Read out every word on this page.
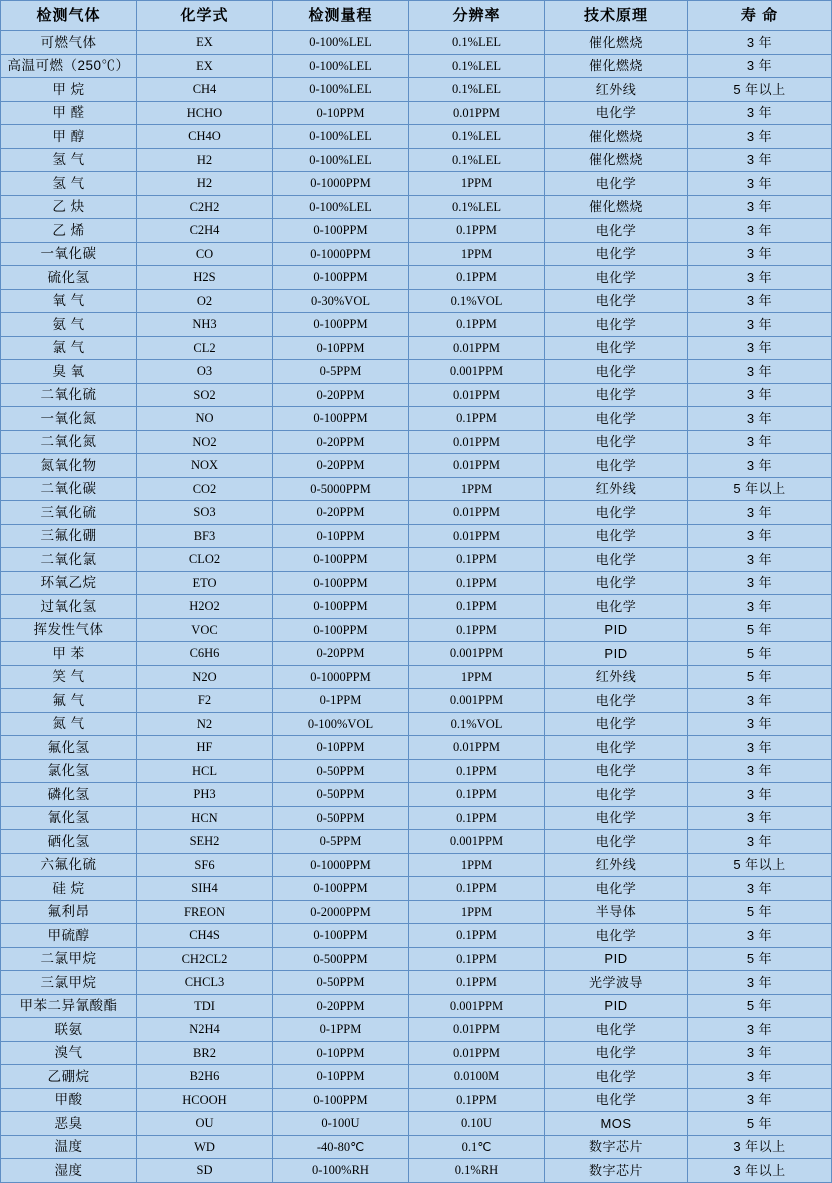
检测气体	化学式	检测量程	分辨率	技术原理	寿 命
可燃气体	EX	0-100%LEL	0.1%LEL	催化燃烧	3 年
高温可燃（250℃）	EX	0-100%LEL	0.1%LEL	催化燃烧	3 年
甲 烷	CH4	0-100%LEL	0.1%LEL	红外线	5 年以上
甲 醛	HCHO	0-10PPM	0.01PPM	电化学	3 年
甲 醇	CH4O	0-100%LEL	0.1%LEL	催化燃烧	3 年
氢 气	H2	0-100%LEL	0.1%LEL	催化燃烧	3 年
氢 气	H2	0-1000PPM	1PPM	电化学	3 年
乙 炔	C2H2	0-100%LEL	0.1%LEL	催化燃烧	3 年
乙 烯	C2H4	0-100PPM	0.1PPM	电化学	3 年
一氧化碳	CO	0-1000PPM	1PPM	电化学	3 年
硫化氢	H2S	0-100PPM	0.1PPM	电化学	3 年
氧 气	O2	0-30%VOL	0.1%VOL	电化学	3 年
氨 气	NH3	0-100PPM	0.1PPM	电化学	3 年
氯 气	CL2	0-10PPM	0.01PPM	电化学	3 年
臭 氧	O3	0-5PPM	0.001PPM	电化学	3 年
二氧化硫	SO2	0-20PPM	0.01PPM	电化学	3 年
一氧化氮	NO	0-100PPM	0.1PPM	电化学	3 年
二氧化氮	NO2	0-20PPM	0.01PPM	电化学	3 年
氮氧化物	NOX	0-20PPM	0.01PPM	电化学	3 年
二氧化碳	CO2	0-5000PPM	1PPM	红外线	5 年以上
三氧化硫	SO3	0-20PPM	0.01PPM	电化学	3 年
三氟化硼	BF3	0-10PPM	0.01PPM	电化学	3 年
二氧化氯	CLO2	0-100PPM	0.1PPM	电化学	3 年
环氧乙烷	ETO	0-100PPM	0.1PPM	电化学	3 年
过氧化氢	H2O2	0-100PPM	0.1PPM	电化学	3 年
挥发性气体	VOC	0-100PPM	0.1PPM	PID	5 年
甲 苯	C6H6	0-20PPM	0.001PPM	PID	5 年
笑 气	N2O	0-1000PPM	1PPM	红外线	5 年
氟 气	F2	0-1PPM	0.001PPM	电化学	3 年
氮 气	N2	0-100%VOL	0.1%VOL	电化学	3 年
氟化氢	HF	0-10PPM	0.01PPM	电化学	3 年
氯化氢	HCL	0-50PPM	0.1PPM	电化学	3 年
磷化氢	PH3	0-50PPM	0.1PPM	电化学	3 年
氰化氢	HCN	0-50PPM	0.1PPM	电化学	3 年
硒化氢	SEH2	0-5PPM	0.001PPM	电化学	3 年
六氟化硫	SF6	0-1000PPM	1PPM	红外线	5 年以上
硅 烷	SIH4	0-100PPM	0.1PPM	电化学	3 年
氟利昂	FREON	0-2000PPM	1PPM	半导体	5 年
甲硫醇	CH4S	0-100PPM	0.1PPM	电化学	3 年
二氯甲烷	CH2CL2	0-500PPM	0.1PPM	PID	5 年
三氯甲烷	CHCL3	0-50PPM	0.1PPM	光学波导	3 年
甲苯二异氰酸酯	TDI	0-20PPM	0.001PPM	PID	5 年
联氨	N2H4	0-1PPM	0.01PPM	电化学	3 年
溴气	BR2	0-10PPM	0.01PPM	电化学	3 年
乙硼烷	B2H6	0-10PPM	0.0100M	电化学	3 年
甲酸	HCOOH	0-100PPM	0.1PPM	电化学	3 年
恶臭	OU	0-100U	0.10U	MOS	5 年
温度	WD	-40-80℃	0.1℃	数字芯片	3 年以上
湿度	SD	0-100%RH	0.1%RH	数字芯片	3 年以上
